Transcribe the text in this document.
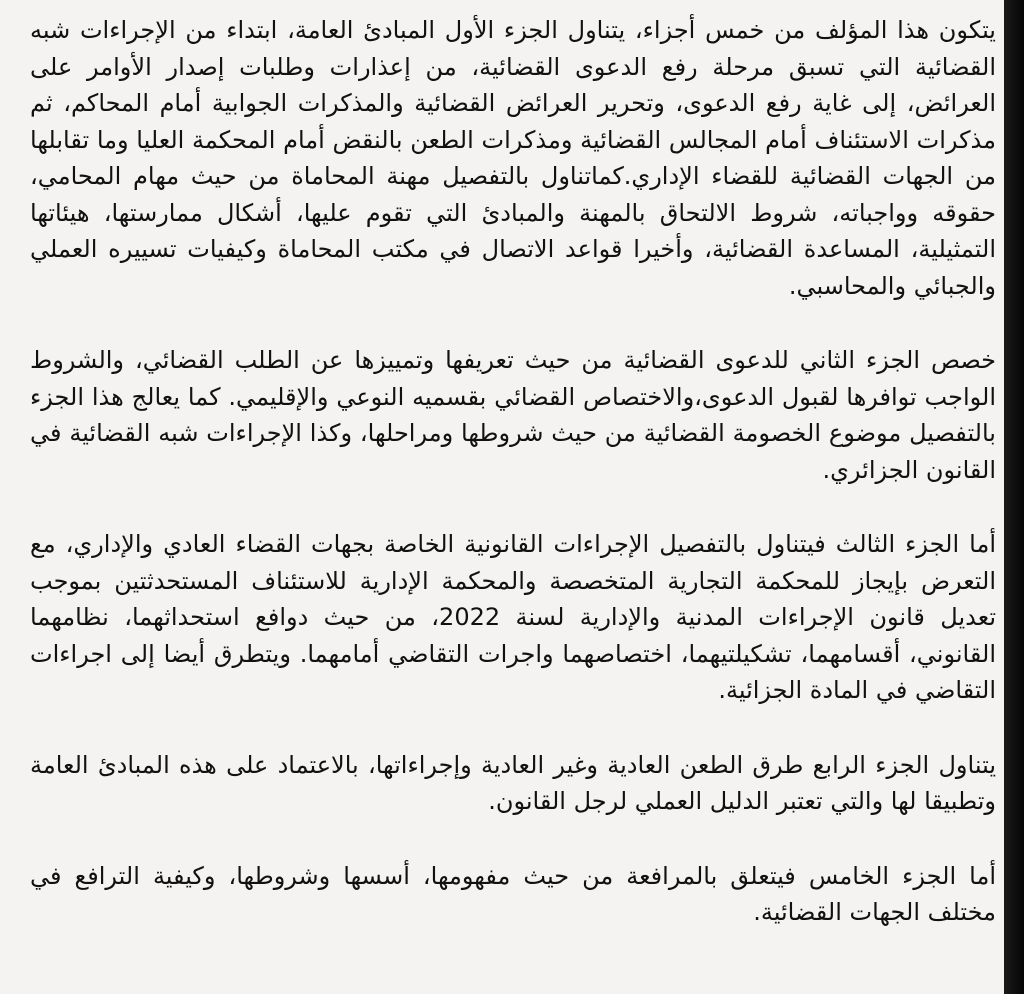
يتكون هذا المؤلف من خمس أجزاء، يتناول الجزء الأول المبادئ العامة، ابتداء من الإجراءات شبه القضائية التي تسبق مرحلة رفع الدعوى القضائية، من إعذارات وطلبات إصدار الأوامر على العرائض، إلى غاية رفع الدعوى، وتحرير العرائض القضائية والمذكرات الجوابية أمام المحاكم، ثم مذكرات الاستئناف أمام المجالس القضائية ومذكرات الطعن بالنقض أمام المحكمة العليا وما تقابلها من الجهات القضائية للقضاء الإداري.كماتناول بالتفصيل مهنة المحاماة من حيث مهام المحامي، حقوقه وواجباته، شروط الالتحاق بالمهنة والمبادئ التي تقوم عليها، أشكال ممارستها، هيئاتها التمثيلية، المساعدة القضائية، وأخيرا قواعد الاتصال في مكتب المحاماة وكيفيات تسييره العملي والجبائي والمحاسبي.

خصص الجزء الثاني للدعوى القضائية من حيث تعريفها وتمييزها عن الطلب القضائي، والشروط الواجب توافرها لقبول الدعوى،والاختصاص القضائي بقسميه النوعي والإقليمي. كما يعالج هذا الجزء بالتفصيل موضوع الخصومة القضائية من حيث شروطها ومراحلها، وكذا الإجراءات شبه القضائية في القانون الجزائري.

أما الجزء الثالث فيتناول بالتفصيل الإجراءات القانونية الخاصة بجهات القضاء العادي والإداري، مع التعرض بإيجاز للمحكمة التجارية المتخصصة والمحكمة الإدارية للاستئناف المستحدثتين بموجب تعديل قانون الإجراءات المدنية والإدارية لسنة 2022، من حيث دوافع استحداثهما، نظامهما القانوني، أقسامهما، تشكيلتيهما، اختصاصهما واجرات التقاضي أمامهما. ويتطرق أيضا إلى اجراءات التقاضي في المادة الجزائية.

يتناول الجزء الرابع طرق الطعن العادية وغير العادية وإجراءاتها، بالاعتماد على هذه المبادئ العامة وتطبيقا لها والتي تعتبر الدليل العملي لرجل القانون.

أما الجزء الخامس فيتعلق بالمرافعة من حيث مفهومها، أسسها وشروطها، وكيفية الترافع في مختلف الجهات القضائية.
